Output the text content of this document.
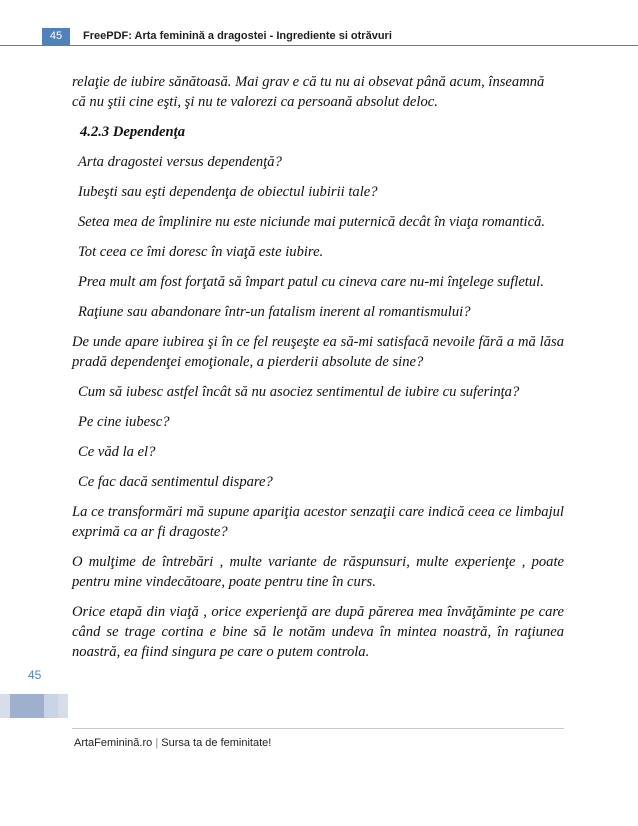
45	FreePDF: Arta feminină a dragostei - Ingrediente si otrăvuri

relaţie de iubire sănătoasă. Mai grav e că tu nu ai obsevat până acum, înseamnă

că nu ştii cine eşti, şi nu te valorezi ca persoană absolut deloc.

4.2.3 Dependenţa

Arta dragostei versus dependenţă?

Iubeşti sau eşti dependenţa de obiectul iubirii tale?

Setea mea de împlinire nu este niciunde mai puternică decât în viaţa romantică.

Tot ceea ce îmi doresc în viaţă este iubire.

Prea mult am fost forţată să împart patul cu cineva care nu-mi înţelege sufletul.

Raţiune sau abandonare într-un fatalism inerent al romantismului?

De unde apare iubirea şi în ce fel reuşeşte ea să-mi satisfacă nevoile fără a mă lăsa pradă dependenţei emoţionale, a pierderii absolute de sine?

Cum să iubesc astfel încât să nu asociez sentimentul de iubire cu suferinţa?

Pe cine iubesc?

Ce văd la el?

Ce fac dacă sentimentul dispare?

La ce transformări mă supune apariţia acestor senzaţii care indică ceea ce limbajul exprimă ca ar fi dragoste?

O mulţime de întrebări , multe variante de răspunsuri, multe experienţe , poate pentru mine vindecătoare, poate pentru tine în curs.

Orice etapă din viaţă , orice experienţă are după părerea mea învăţăminte pe care când se trage cortina e bine să le notăm undeva în mintea noastră, în raţiunea noastră, ea fiind singura pe care o putem controla.

45
ArtaFeminină.ro | Sursa ta de feminitate!
